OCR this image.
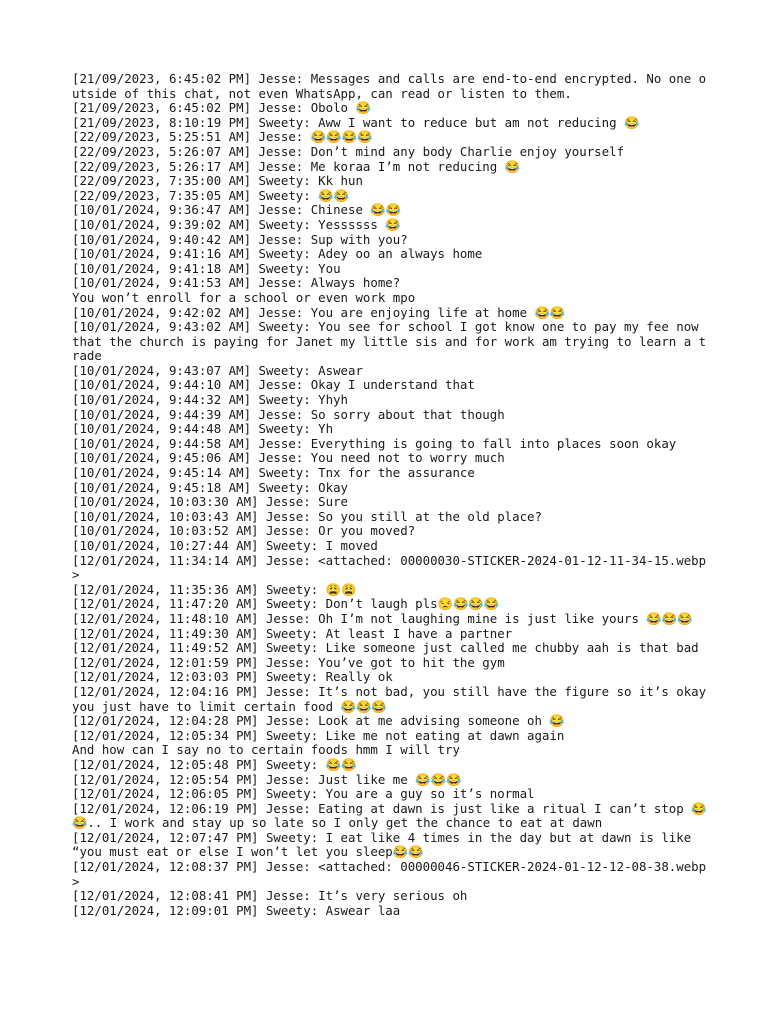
[21/09/2023, 6:45:02 PM] Jesse: Messages and calls are end-to-end encrypted. No one outside of this chat, not even WhatsApp, can read or listen to them.
[21/09/2023, 6:45:02 PM] Jesse: Obolo 😂
[21/09/2023, 8:10:19 PM] Sweety: Aww I want to reduce but am not reducing 😂
[22/09/2023, 5:25:51 AM] Jesse: 😂😂😂😂
[22/09/2023, 5:26:07 AM] Jesse: Don’t mind any body Charlie enjoy yourself
[22/09/2023, 5:26:17 AM] Jesse: Me koraa I’m not reducing 😂
[22/09/2023, 7:35:00 AM] Sweety: Kk hun
[22/09/2023, 7:35:05 AM] Sweety: 😂😂
[10/01/2024, 9:36:47 AM] Jesse: Chinese 😂😂
[10/01/2024, 9:39:02 AM] Sweety: Yessssss 😂
[10/01/2024, 9:40:42 AM] Jesse: Sup with you?
[10/01/2024, 9:41:16 AM] Sweety: Adey oo an always home
[10/01/2024, 9:41:18 AM] Sweety: You
[10/01/2024, 9:41:53 AM] Jesse: Always home?
You won’t enroll for a school or even work mpo
[10/01/2024, 9:42:02 AM] Jesse: You are enjoying life at home 😂😂
[10/01/2024, 9:43:02 AM] Sweety: You see for school I got know one to pay my fee now that the church is paying for Janet my little sis and for work am trying to learn a trade
[10/01/2024, 9:43:07 AM] Sweety: Aswear
[10/01/2024, 9:44:10 AM] Jesse: Okay I understand that
[10/01/2024, 9:44:32 AM] Sweety: Yhyh
[10/01/2024, 9:44:39 AM] Jesse: So sorry about that though
[10/01/2024, 9:44:48 AM] Sweety: Yh
[10/01/2024, 9:44:58 AM] Jesse: Everything is going to fall into places soon okay
[10/01/2024, 9:45:06 AM] Jesse: You need not to worry much
[10/01/2024, 9:45:14 AM] Sweety: Tnx for the assurance
[10/01/2024, 9:45:18 AM] Sweety: Okay
[10/01/2024, 10:03:30 AM] Jesse: Sure
[10/01/2024, 10:03:43 AM] Jesse: So you still at the old place?
[10/01/2024, 10:03:52 AM] Jesse: Or you moved?
[10/01/2024, 10:27:44 AM] Sweety: I moved
[12/01/2024, 11:34:14 AM] Jesse: <attached: 00000030-STICKER-2024-01-12-11-34-15.webp>
[12/01/2024, 11:35:36 AM] Sweety: 😩😩
[12/01/2024, 11:47:20 AM] Sweety: Don’t laugh pls😒😂😂😂
[12/01/2024, 11:48:10 AM] Jesse: Oh I’m not laughing mine is just like yours 😂😂😂
[12/01/2024, 11:49:30 AM] Sweety: At least I have a partner
[12/01/2024, 11:49:52 AM] Sweety: Like someone just called me chubby aah is that bad
[12/01/2024, 12:01:59 PM] Jesse: You’ve got to hit the gym
[12/01/2024, 12:03:03 PM] Sweety: Really ok
[12/01/2024, 12:04:16 PM] Jesse: It’s not bad, you still have the figure so it’s okay you just have to limit certain food 😂😂😂
[12/01/2024, 12:04:28 PM] Jesse: Look at me advising someone oh 😂
[12/01/2024, 12:05:34 PM] Sweety: Like me not eating at dawn again
And how can I say no to certain foods hmm I will try
[12/01/2024, 12:05:48 PM] Sweety: 😂😂
[12/01/2024, 12:05:54 PM] Jesse: Just like me 😂😂😂
[12/01/2024, 12:06:05 PM] Sweety: You are a guy so it’s normal
[12/01/2024, 12:06:19 PM] Jesse: Eating at dawn is just like a ritual I can’t stop 😂😂.. I work and stay up so late so I only get the chance to eat at dawn
[12/01/2024, 12:07:47 PM] Sweety: I eat like 4 times in the day but at dawn is like “you must eat or else I won’t let you sleep😂😂
[12/01/2024, 12:08:37 PM] Jesse: <attached: 00000046-STICKER-2024-01-12-12-08-38.webp>
[12/01/2024, 12:08:41 PM] Jesse: It’s very serious oh
[12/01/2024, 12:09:01 PM] Sweety: Aswear laa
